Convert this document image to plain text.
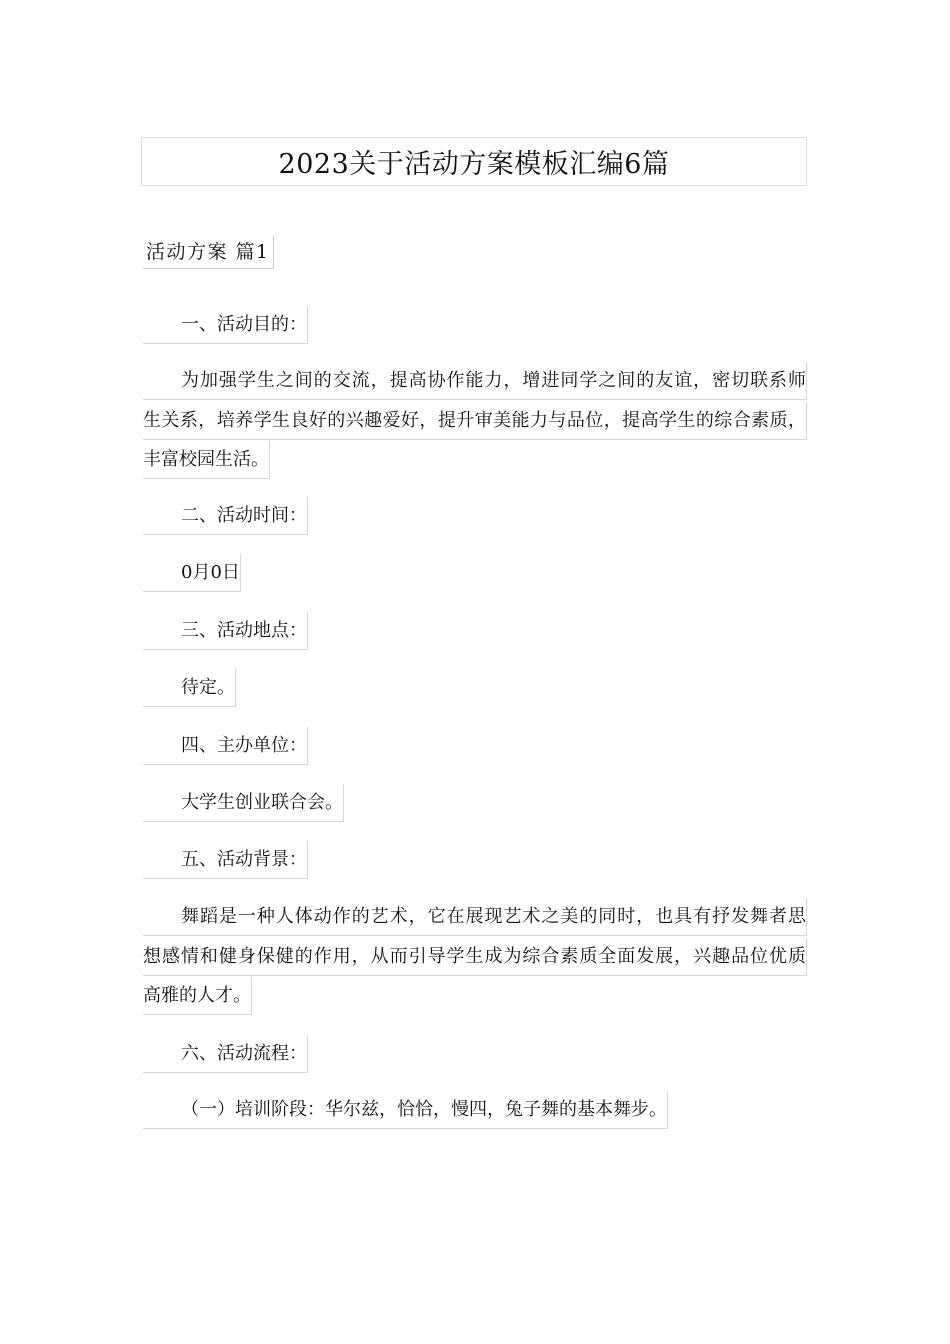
2023关于活动方案模板汇编6篇
活动方案 篇1
一、活动目的：
为加强学生之间的交流，提高协作能力，增进同学之间的友谊，密切联系师
生关系，培养学生良好的兴趣爱好，提升审美能力与品位，提高学生的综合素质，
丰富校园生活。
二、活动时间：
0月0日
三、活动地点：
待定。
四、主办单位：
大学生创业联合会。
五、活动背景：
舞蹈是一种人体动作的艺术，它在展现艺术之美的同时，也具有抒发舞者思
想感情和健身保健的作用，从而引导学生成为综合素质全面发展，兴趣品位优质
高雅的人才。
六、活动流程：
（一）培训阶段：华尔兹，恰恰，慢四，兔子舞的基本舞步。
